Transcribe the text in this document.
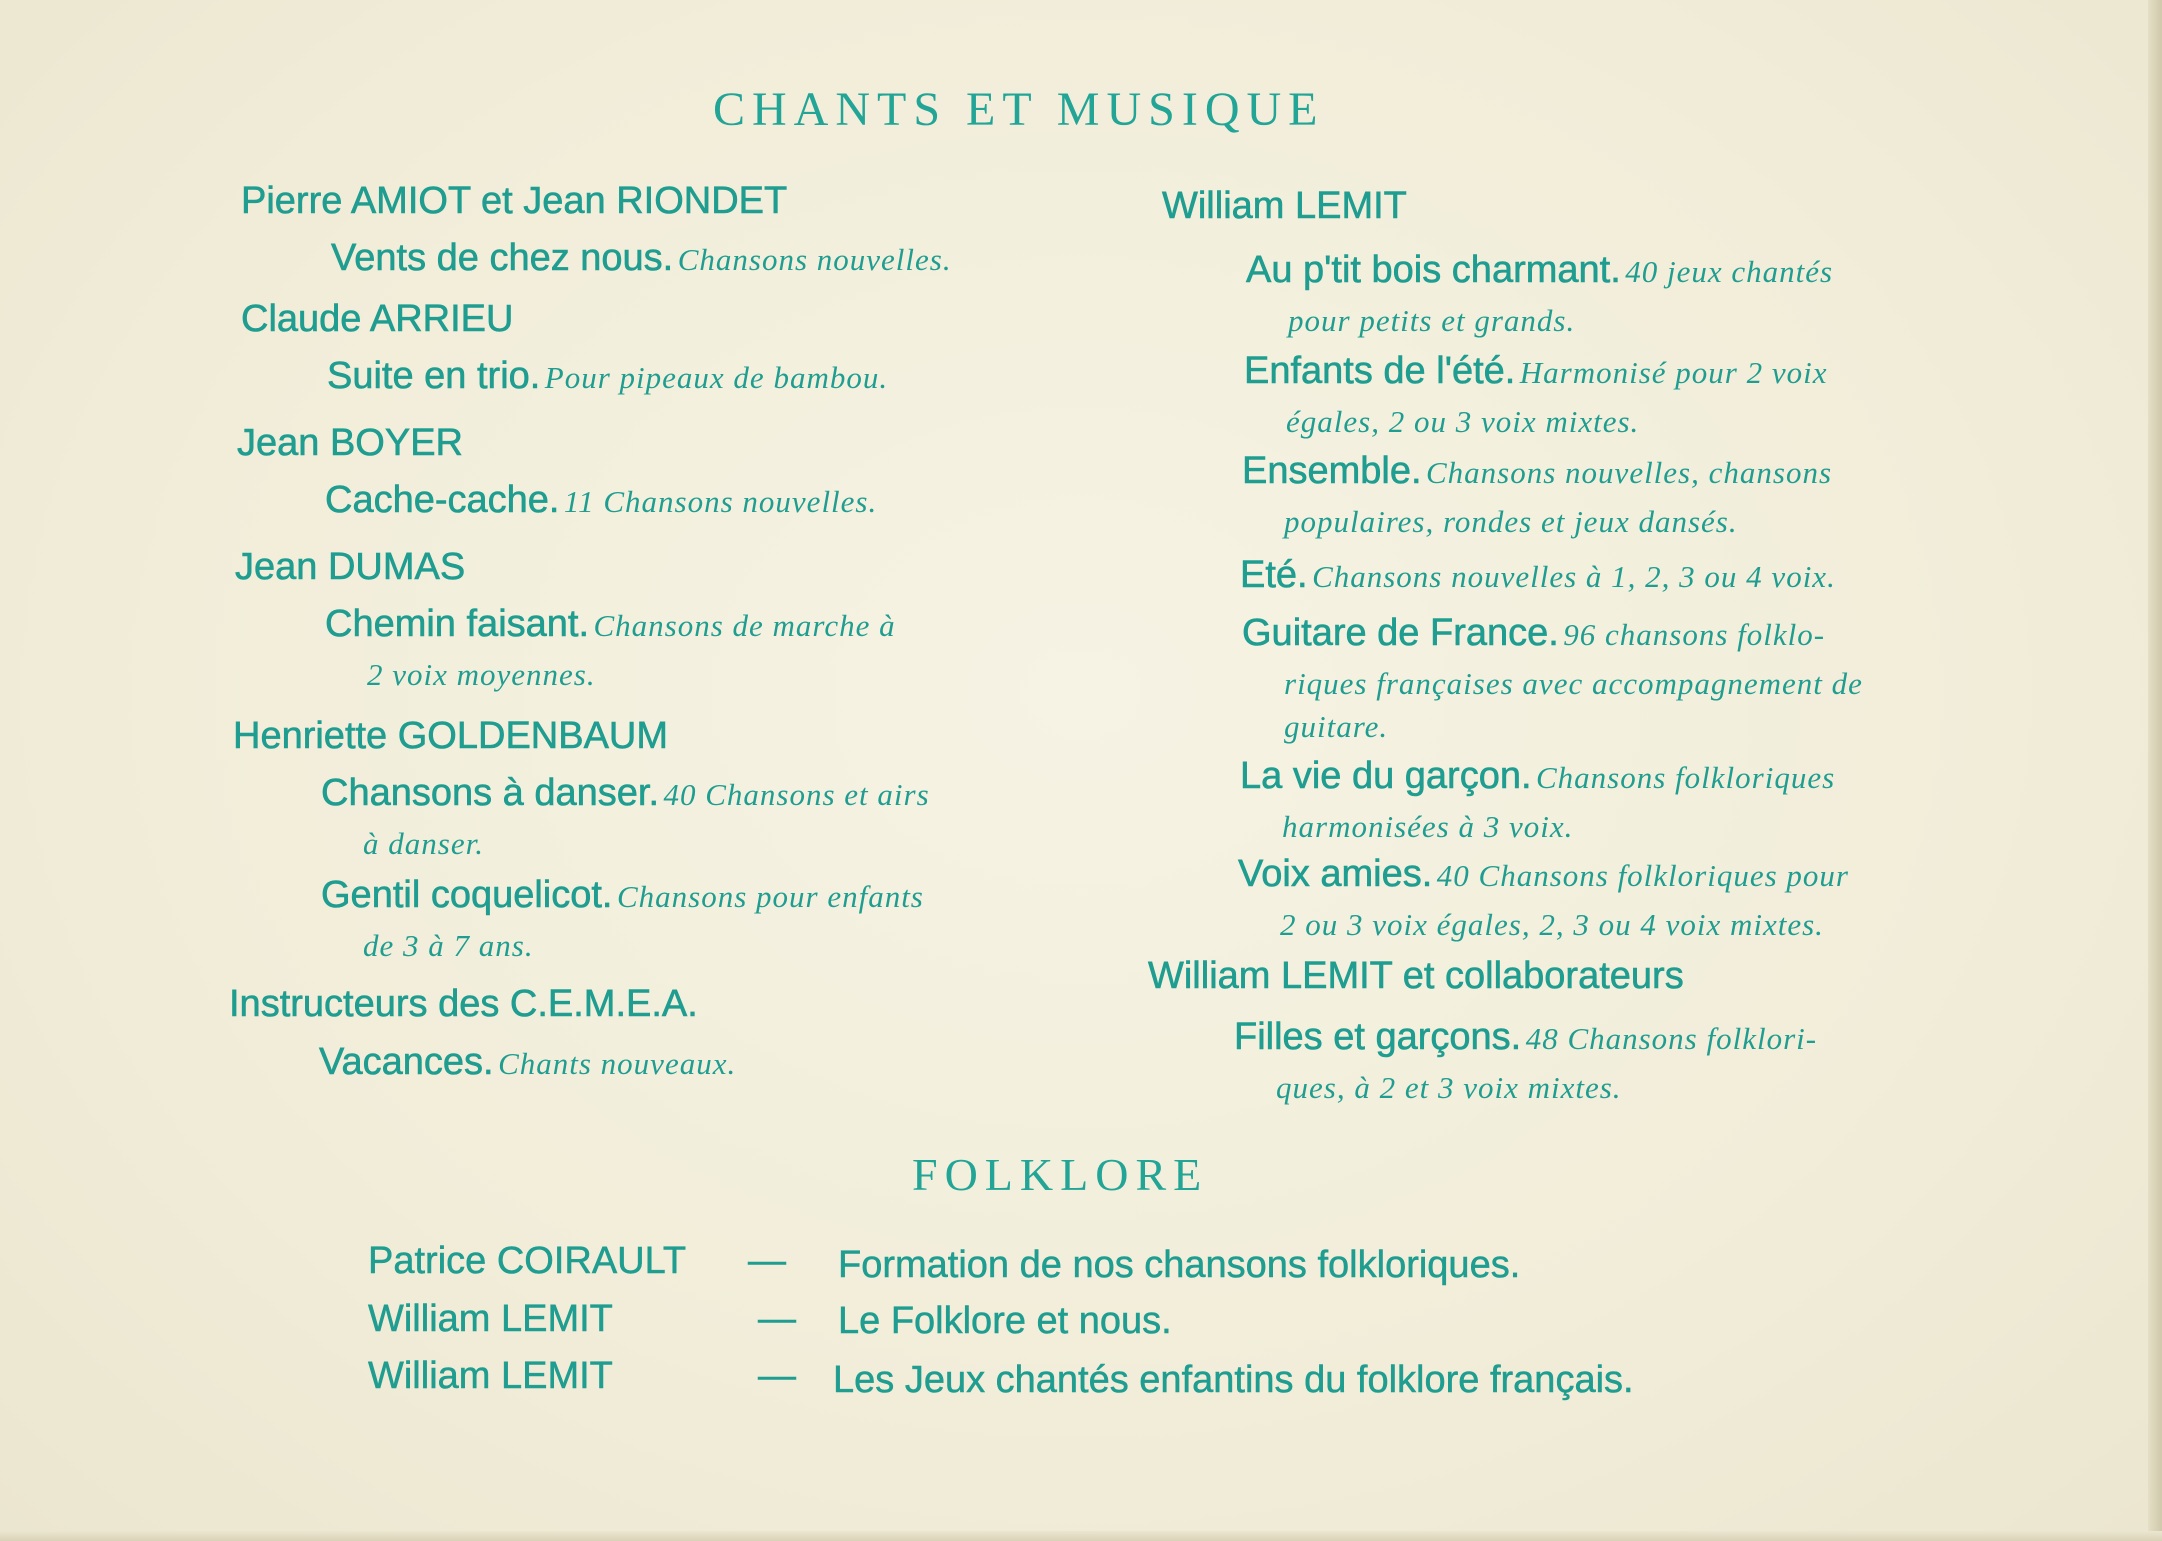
CHANTS ET MUSIQUE
Pierre AMIOT et Jean RIONDET
Vents de chez nous. Chansons nouvelles.
Claude ARRIEU
Suite en trio. Pour pipeaux de bambou.
Jean BOYER
Cache-cache. 11 Chansons nouvelles.
Jean DUMAS
Chemin faisant. Chansons de marche à
2 voix moyennes.
Henriette GOLDENBAUM
Chansons à danser. 40 Chansons et airs
à danser.
Gentil coquelicot. Chansons pour enfants
de 3 à 7 ans.
Instructeurs des C.E.M.E.A.
Vacances. Chants nouveaux.
William LEMIT
Au p'tit bois charmant. 40 jeux chantés
pour petits et grands.
Enfants de l'été. Harmonisé pour 2 voix
égales, 2 ou 3 voix mixtes.
Ensemble. Chansons nouvelles, chansons
populaires, rondes et jeux dansés.
Eté. Chansons nouvelles à 1, 2, 3 ou 4 voix.
Guitare de France. 96 chansons folklo-
riques françaises avec accompagnement de
guitare.
La vie du garçon. Chansons folkloriques
harmonisées à 3 voix.
Voix amies. 40 Chansons folkloriques pour
2 ou 3 voix égales, 2, 3 ou 4 voix mixtes.
William LEMIT et collaborateurs
Filles et garçons. 48 Chansons folklori-
ques, à 2 et 3 voix mixtes.
FOLKLORE
Patrice COIRAULT — Formation de nos chansons folkloriques.
William LEMIT	— Le Folklore et nous.
William LEMIT	— Les Jeux chantés enfantins du folklore français.
